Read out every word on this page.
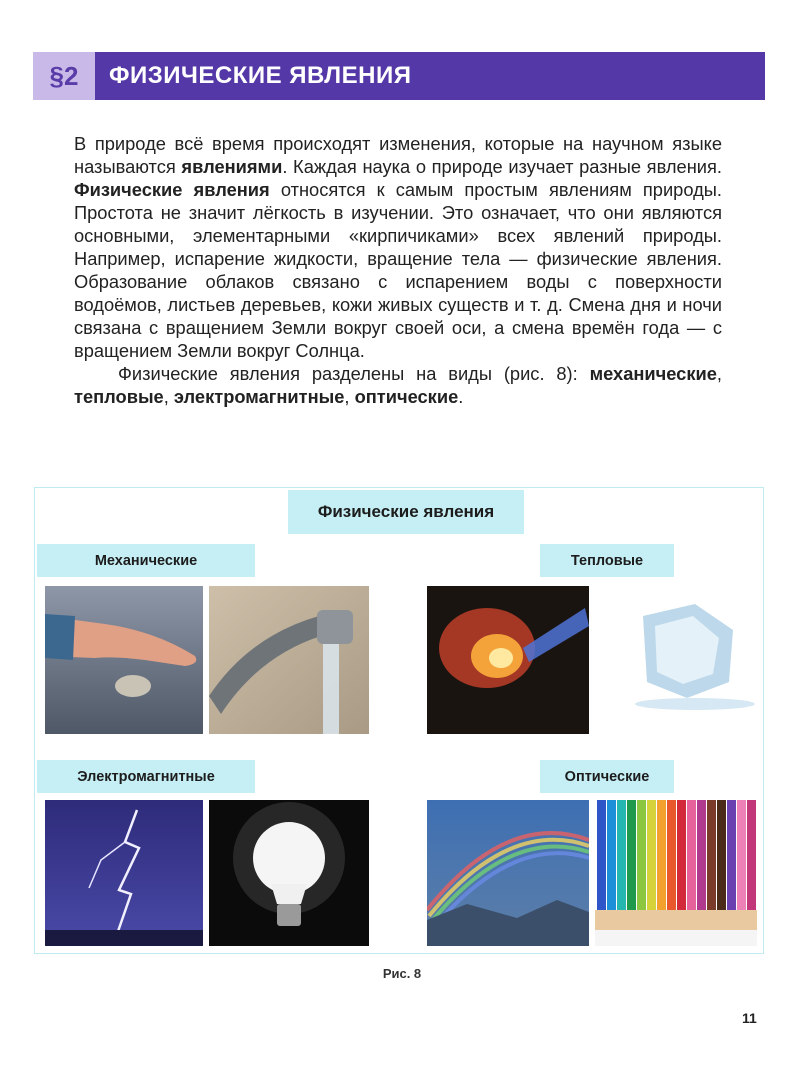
§2	ФИЗИЧЕСКИЕ ЯВЛЕНИЯ

В природе всё время происходят изменения, которые на научном языке называются явлениями. Каждая наука о природе изучает разные явления. Физические явления относятся к самым простым явлениям природы. Простота не значит лёгкость в изучении. Это означает, что они являются основными, элементарными «кирпичиками» всех явлений природы. Например, испарение жидкости, вращение тела — физические явления. Образование облаков связано с испарением воды с поверхности водоёмов, листьев деревьев, кожи живых существ и т. д. Смена дня и ночи связана с вращением Земли вокруг своей оси, а смена времён года — с вращением Земли вокруг Солнца.

Физические явления разделены на виды (рис. 8): механические, тепловые, электромагнитные, оптические.

Физические явления
Механические	Тепловые
Электромагнитные	Оптические
Рис. 8
11
